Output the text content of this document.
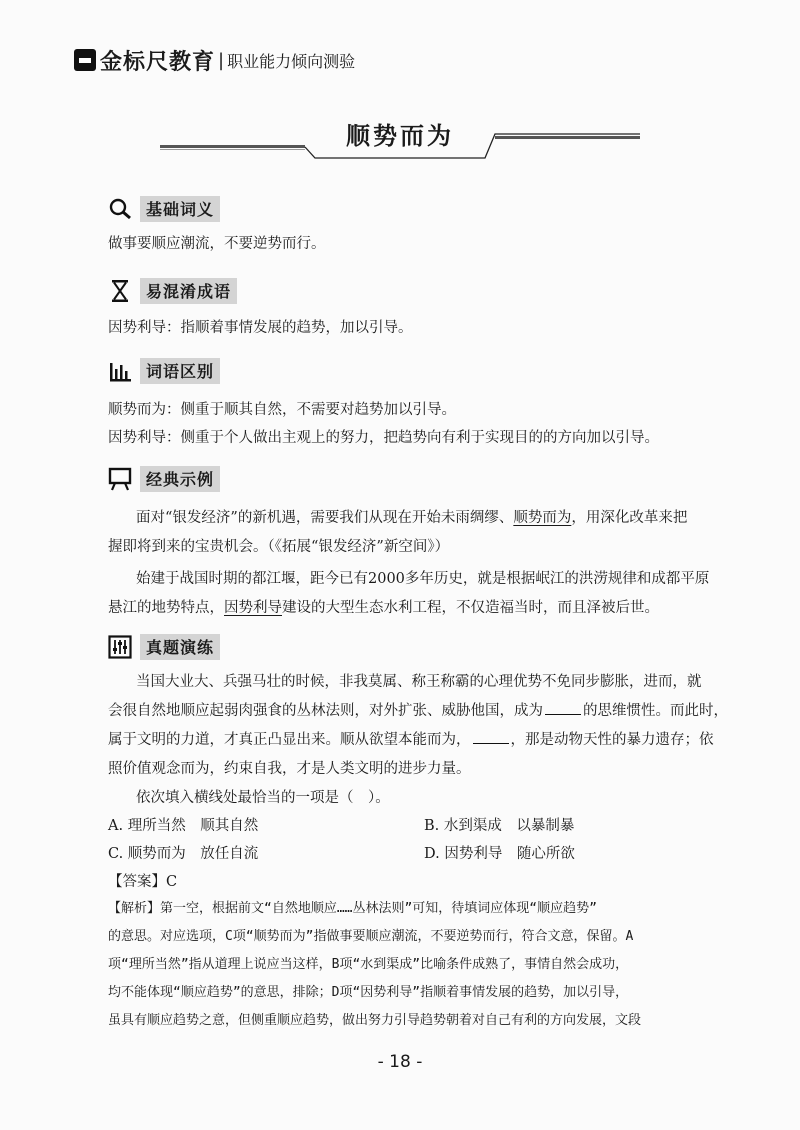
金标尺教育 | 职业能力倾向测验
顺势而为
基础词义
做事要顺应潮流，不要逆势而行。
易混淆成语
因势利导：指顺着事情发展的趋势，加以引导。
词语区别
顺势而为：侧重于顺其自然，不需要对趋势加以引导。
因势利导：侧重于个人做出主观上的努力，把趋势向有利于实现目的的方向加以引导。
经典示例
面对“银发经济”的新机遇，需要我们从现在开始未雨绸缪、顺势而为，用深化改革来把
握即将到来的宝贵机会。（《拓展“银发经济”新空间》）
始建于战国时期的都江堰，距今已有2000多年历史，就是根据岷江的洪涝规律和成都平原
悬江的地势特点，因势利导建设的大型生态水利工程，不仅造福当时，而且泽被后世。
真题演练
当国大业大、兵强马壮的时候，非我莫属、称王称霸的心理优势不免同步膨胀，进而，就
会很自然地顺应起弱肉强食的丛林法则，对外扩张、威胁他国，成为	的思维惯性。而此时，
属于文明的力道，才真正凸显出来。顺从欲望本能而为，	，那是动物天性的暴力遗存；依
照价值观念而为，约束自我，才是人类文明的进步力量。
依次填入横线处最恰当的一项是（　）。
A. 理所当然　顺其自然	B. 水到渠成　以暴制暴
C. 顺势而为　放任自流	D. 因势利导　随心所欲
【答案】C
【解析】第一空，根据前文“自然地顺应……丛林法则”可知，待填词应体现“顺应趋势”
的意思。对应选项，C项“顺势而为”指做事要顺应潮流，不要逆势而行，符合文意，保留。A
项“理所当然”指从道理上说应当这样，B项“水到渠成”比喻条件成熟了，事情自然会成功，
均不能体现“顺应趋势”的意思，排除；D项“因势利导”指顺着事情发展的趋势，加以引导，
虽具有顺应趋势之意，但侧重顺应趋势，做出努力引导趋势朝着对自己有利的方向发展，文段
- 18 -
